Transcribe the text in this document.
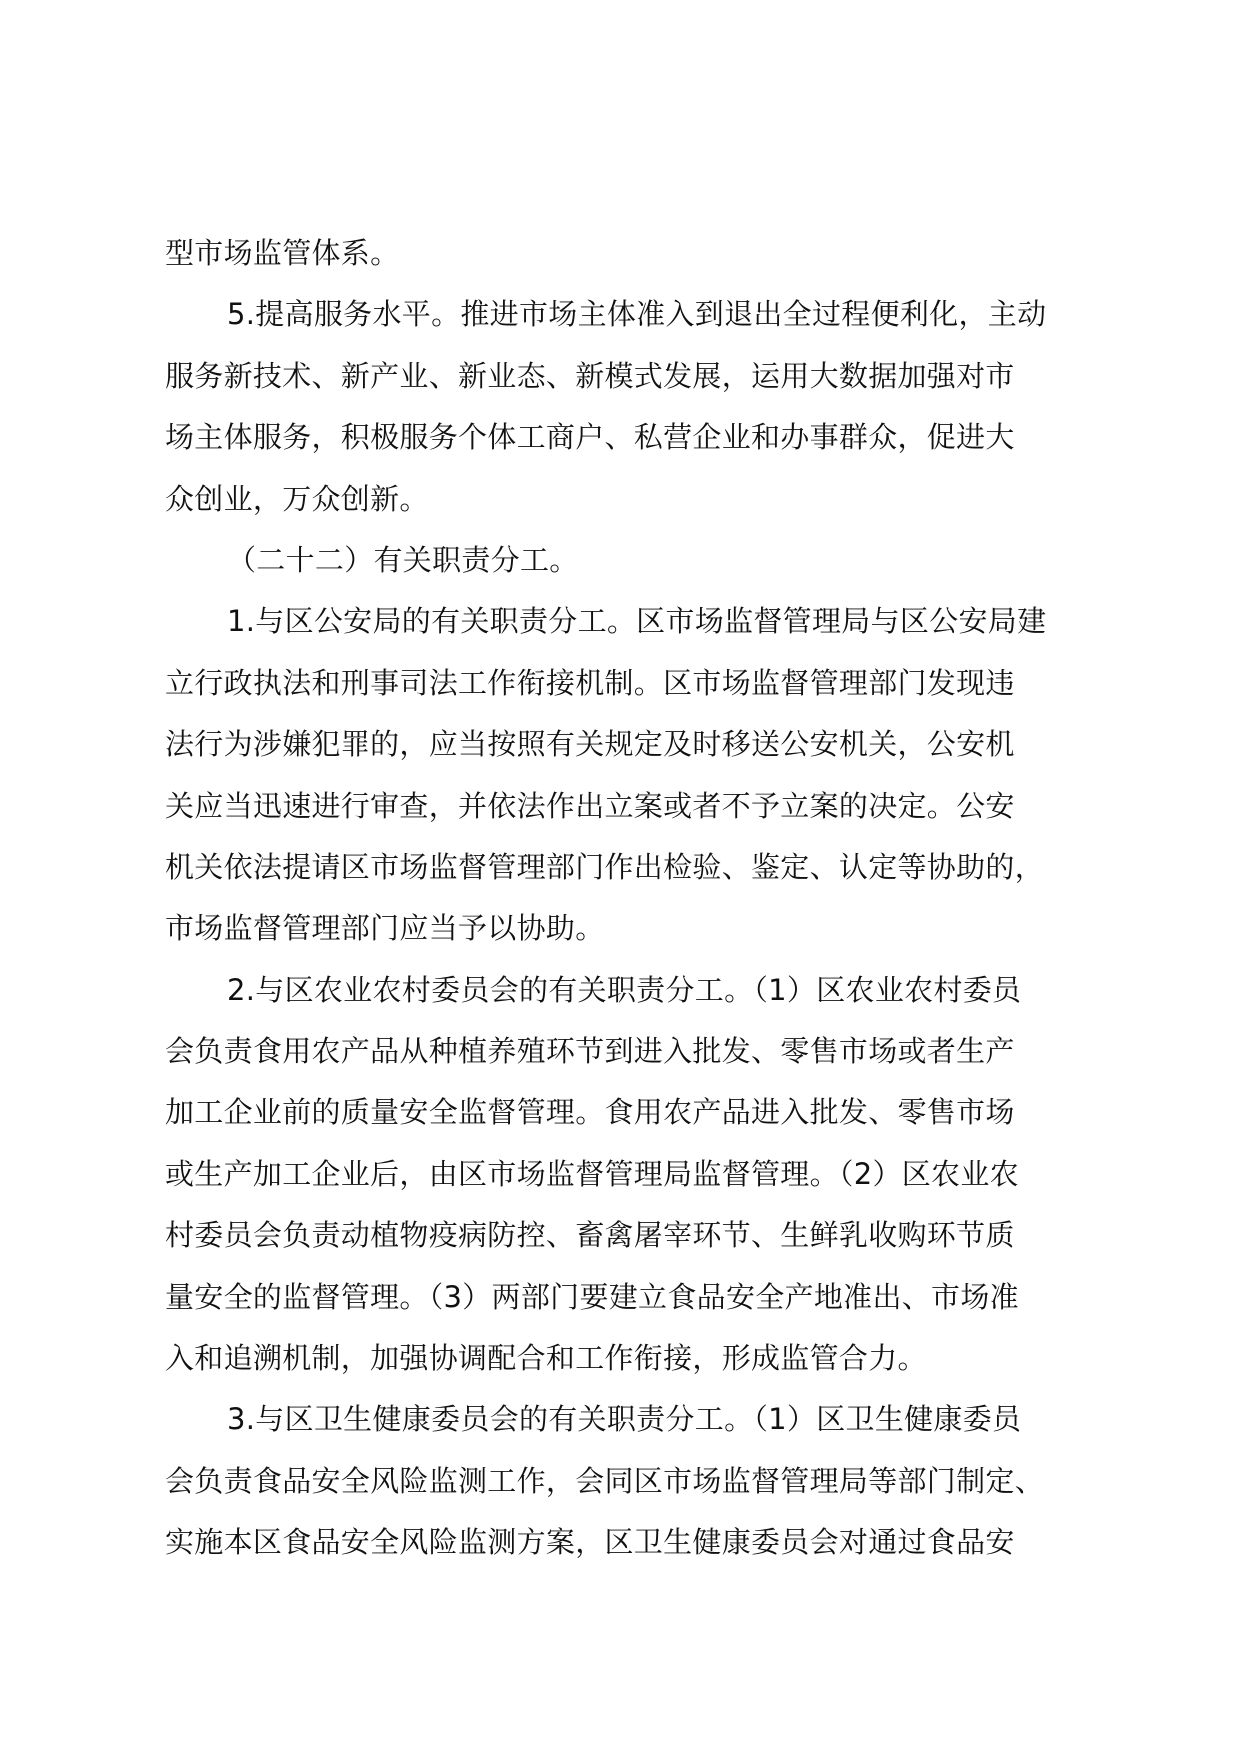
型市场监管体系。
5.提高服务水平。推进市场主体准入到退出全过程便利化，主动
服务新技术、新产业、新业态、新模式发展，运用大数据加强对市
场主体服务，积极服务个体工商户、私营企业和办事群众，促进大
众创业，万众创新。
（二十二）有关职责分工。
1.与区公安局的有关职责分工。区市场监督管理局与区公安局建
立行政执法和刑事司法工作衔接机制。区市场监督管理部门发现违
法行为涉嫌犯罪的，应当按照有关规定及时移送公安机关，公安机
关应当迅速进行审查，并依法作出立案或者不予立案的决定。公安
机关依法提请区市场监督管理部门作出检验、鉴定、认定等协助的，
市场监督管理部门应当予以协助。
2.与区农业农村委员会的有关职责分工。（1）区农业农村委员
会负责食用农产品从种植养殖环节到进入批发、零售市场或者生产
加工企业前的质量安全监督管理。食用农产品进入批发、零售市场
或生产加工企业后，由区市场监督管理局监督管理。（2）区农业农
村委员会负责动植物疫病防控、畜禽屠宰环节、生鲜乳收购环节质
量安全的监督管理。（3）两部门要建立食品安全产地准出、市场准
入和追溯机制，加强协调配合和工作衔接，形成监管合力。
3.与区卫生健康委员会的有关职责分工。（1）区卫生健康委员
会负责食品安全风险监测工作，会同区市场监督管理局等部门制定、
实施本区食品安全风险监测方案，区卫生健康委员会对通过食品安
